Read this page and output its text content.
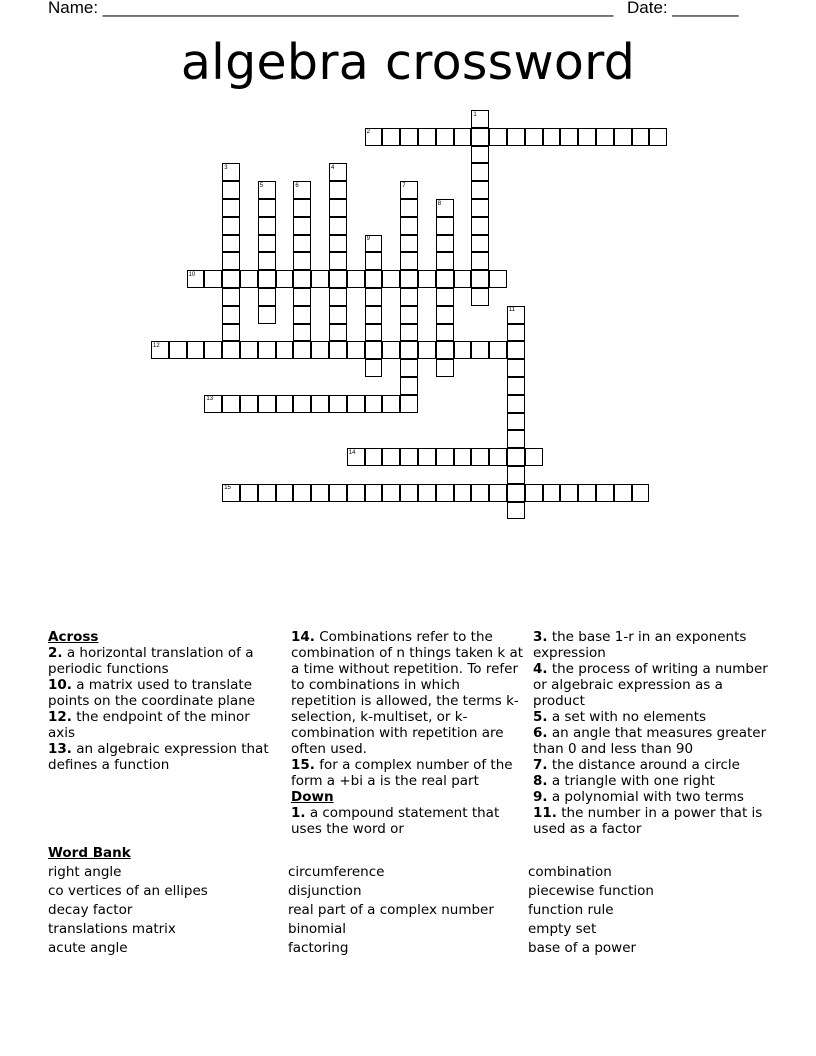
Name: ______________________________________________________ Date: _______
algebra crossword
1
2
3	4
5	6	7
8
9
10
11
12
13
14
15
Across
2. a horizontal translation of a periodic functions
10. a matrix used to translate points on the coordinate plane
12. the endpoint of the minor axis
13. an algebraic expression that defines a function
14. Combinations refer to the combination of n things taken k at a time without repetition. To refer to combinations in which repetition is allowed, the terms k-selection, k-multiset, or k-combination with repetition are often used.
15. for a complex number of the form a +bi a is the real part
Down
1. a compound statement that uses the word or
3. the base 1-r in an exponents expression
4. the process of writing a number or algebraic expression as a product
5. a set with no elements
6. an angle that measures greater than 0 and less than 90
7. the distance around a circle
8. a triangle with one right
9. a polynomial with two terms
11. the number in a power that is used as a factor
Word Bank
right angle
co vertices of an ellipes
decay factor
translations matrix
acute angle
circumference
disjunction
real part of a complex number
binomial
factoring
combination
piecewise function
function rule
empty set
base of a power
